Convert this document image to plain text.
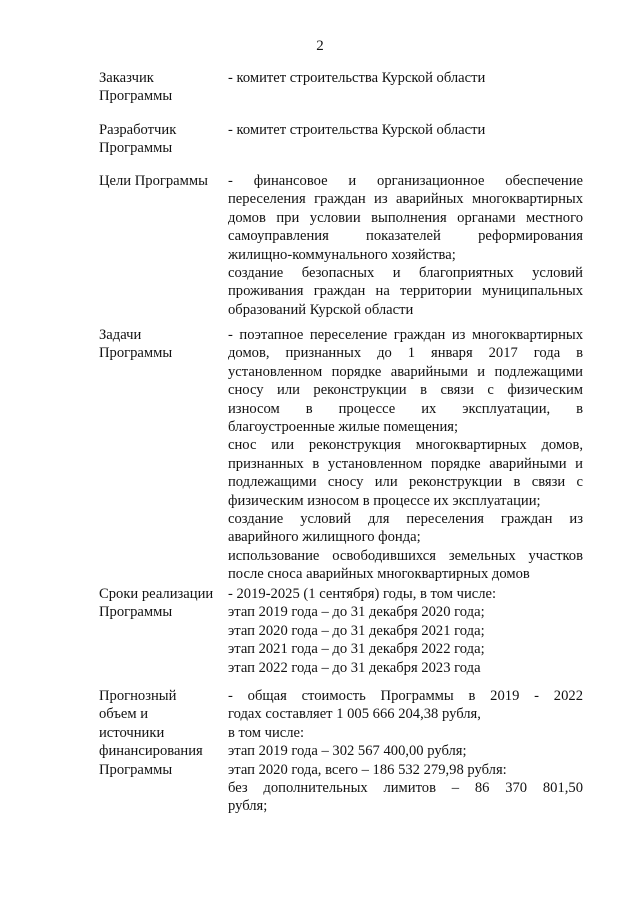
2
Заказчик
Программы
- комитет строительства Курской области
Разработчик
Программы
- комитет строительства Курской области
Цели Программы	- финансовое и организационное обеспечение
переселения граждан из аварийных многоквартирных
домов при условии выполнения органами местного
самоуправления показателей реформирования
жилищно-коммунального хозяйства;
создание безопасных и благоприятных условий
проживания граждан на территории муниципальных
образований Курской области
Задачи
Программы
- поэтапное переселение граждан из многоквартирных
домов, признанных до 1 января 2017 года в
установленном порядке аварийными и подлежащими
сносу или реконструкции в связи с физическим
износом в процессе их эксплуатации, в
благоустроенные жилые помещения;
снос или реконструкция многоквартирных домов,
признанных в установленном порядке аварийными и
подлежащими сносу или реконструкции в связи с
физическим износом в процессе их эксплуатации;
создание условий для переселения граждан из
аварийного жилищного фонда;
использование освободившихся земельных участков
после сноса аварийных многоквартирных домов
Сроки реализации
Программы
- 2019-2025 (1 сентября) годы, в том числе:
этап 2019 года – до 31 декабря 2020 года;
этап 2020 года – до 31 декабря 2021 года;
этап 2021 года – до 31 декабря 2022 года;
этап 2022 года – до 31 декабря 2023 года
Прогнозный
объем и
источники
финансирования
Программы
- общая стоимость Программы в 2019 - 2022
годах составляет 1 005 666 204,38 рубля,
в том числе:
этап 2019 года – 302 567 400,00 рубля;
этап 2020 года, всего – 186 532 279,98 рубля:
без дополнительных лимитов – 86 370 801,50
рубля;
